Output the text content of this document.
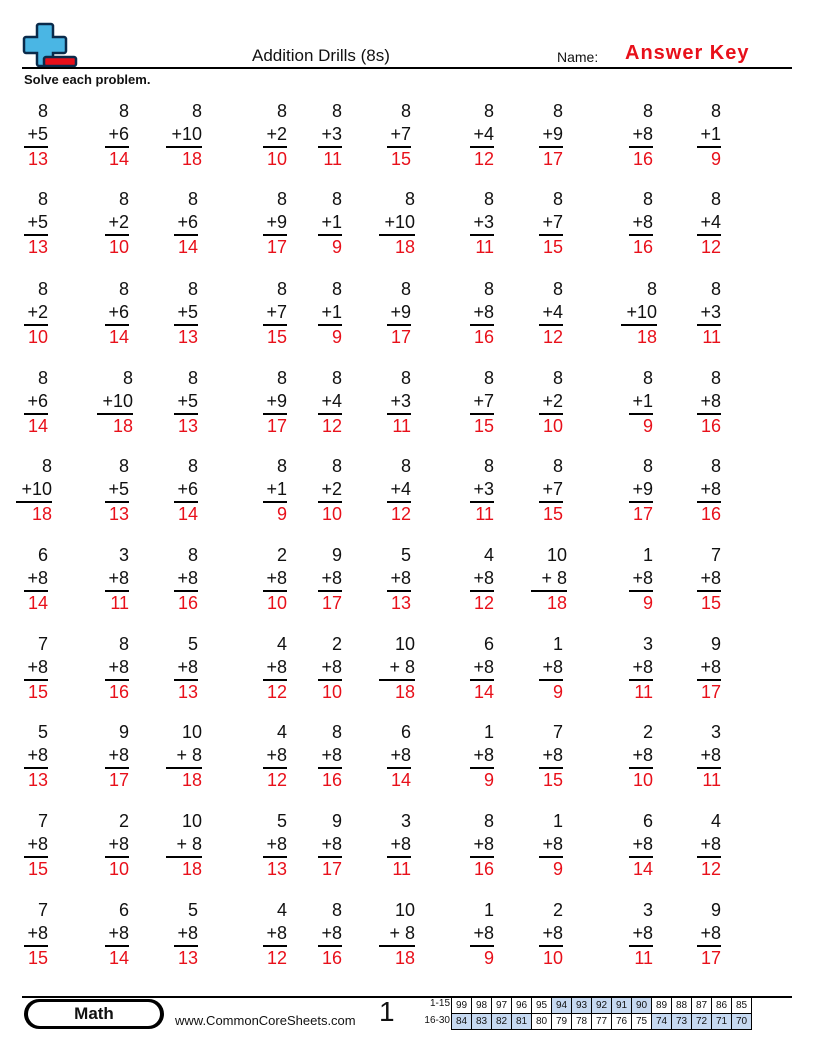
Addition Drills (8s)	Name: Answer Key
Solve each problem.
8
+5
13
8
+6
14
8
+10
18
8
+2
10
8
+3
11
8
+7
15
8
+4
12
8
+9
17
8
+8
16
8
+1
9
8
+5
13
8
+2
10
8
+6
14
8
+9
17
8
+1
9
8
+10
18
8
+3
11
8
+7
15
8
+8
16
8
+4
12
8
+2
10
8
+6
14
8
+5
13
8
+7
15
8
+1
9
8
+9
17
8
+8
16
8
+4
12
8
+10
18
8
+3
11
8
+6
14
8
+10
18
8
+5
13
8
+9
17
8
+4
12
8
+3
11
8
+7
15
8
+2
10
8
+1
9
8
+8
16
8
+10
18
8
+5
13
8
+6
14
8
+1
9
8
+2
10
8
+4
12
8
+3
11
8
+7
15
8
+9
17
8
+8
16
6
+8
14
3
+8
11
8
+8
16
2
+8
10
9
+8
17
5
+8
13
4
+8
12
10
+ 8
18
1
+8
9
7
+8
15
7
+8
15
8
+8
16
5
+8
13
4
+8
12
2
+8
10
10
+ 8
18
6
+8
14
1
+8
9
3
+8
11
9
+8
17
5
+8
13
9
+8
17
10
+ 8
18
4
+8
12
8
+8
16
6
+8
14
1
+8
9
7
+8
15
2
+8
10
3
+8
11
7
+8
15
2
+8
10
10
+ 8
18
5
+8
13
9
+8
17
3
+8
11
8
+8
16
1
+8
9
6
+8
14
4
+8
12
7
+8
15
6
+8
14
5
+8
13
4
+8
12
8
+8
16
10
+ 8
18
1
+8
9
2
+8
10
3
+8
11
9
+8
17
Math	www.CommonCoreSheets.com 1	1-15
16-30
99	98	97	96	95	94	93	92	91	90	89	88	87	86	85
84	83	82	81	80	79	78	77	76	75	74	73	72	71	70
